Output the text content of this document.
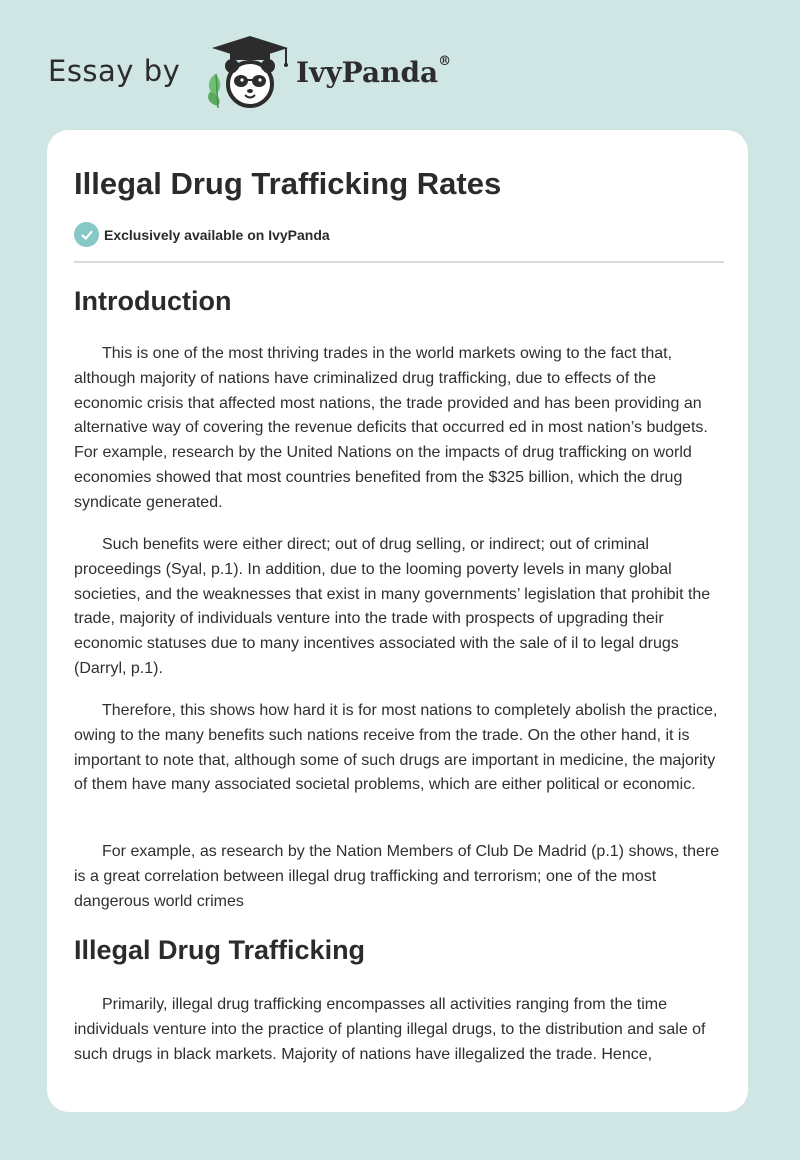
Essay by	IvyPanda®
Illegal Drug Trafficking Rates
Exclusively available on IvyPanda
Introduction

This is one of the most thriving trades in the world markets owing to the fact that, although majority of nations have criminalized drug trafficking, due to effects of the economic crisis that affected most nations, the trade provided and has been providing an alternative way of covering the revenue deficits that occurred ed in most nation’s budgets. For example, research by the United Nations on the impacts of drug trafficking on world economies showed that most countries benefited from the $325 billion, which the drug syndicate generated.

Such benefits were either direct; out of drug selling, or indirect; out of criminal proceedings (Syal, p.1). In addition, due to the looming poverty levels in many global societies, and the weaknesses that exist in many governments’ legislation that prohibit the trade, majority of individuals venture into the trade with prospects of upgrading their economic statuses due to many incentives associated with the sale of il to legal drugs (Darryl, p.1).

Therefore, this shows how hard it is for most nations to completely abolish the practice, owing to the many benefits such nations receive from the trade. On the other hand, it is important to note that, although some of such drugs are important in medicine, the majority of them have many associated societal problems, which are either political or economic.

For example, as research by the Nation Members of Club De Madrid (p.1) shows, there is a great correlation between illegal drug trafficking and terrorism; one of the most dangerous world crimes

Illegal Drug Trafficking

Primarily, illegal drug trafficking encompasses all activities ranging from the time individuals venture into the practice of planting illegal drugs, to the distribution and sale of such drugs in black markets. Majority of nations have illegalized the trade. Hence,
